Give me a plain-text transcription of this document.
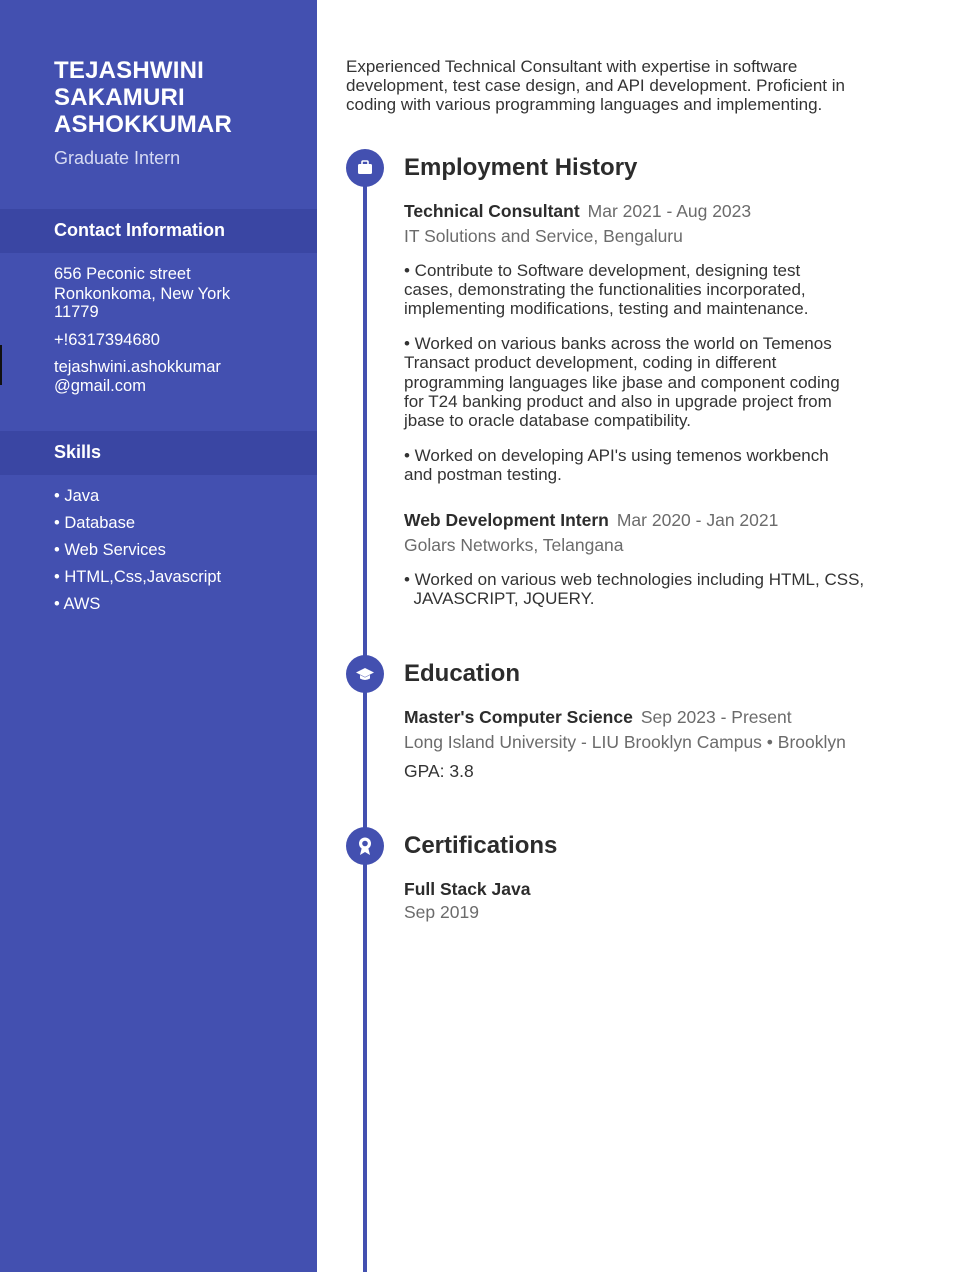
TEJASHWINI
SAKAMURI
ASHOKKUMAR
Graduate Intern
Contact Information
656 Peconic street
Ronkonkoma, New York
11779
+!6317394680
tejashwini.ashokkumar
@gmail.com
Skills
• Java
• Database
• Web Services
• HTML,Css,Javascript
• AWS
Experienced Technical Consultant with expertise in software
development, test case design, and API development. Proficient in
coding with various programming languages and implementing.
Employment History
Technical Consultant Mar 2021 - Aug 2023
IT Solutions and Service, Bengaluru
• Contribute to Software development, designing test
cases, demonstrating the functionalities incorporated,
implementing modifications, testing and maintenance.
• Worked on various banks across the world on Temenos
Transact product development, coding in different
programming languages like jbase and component coding
for T24 banking product and also in upgrade project from
jbase to oracle database compatibility.
• Worked on developing API's using temenos workbench
and postman testing.
Web Development Intern Mar 2020 - Jan 2021
Golars Networks, Telangana
• Worked on various web technologies including HTML, CSS,
JAVASCRIPT, JQUERY.
Education
Master's Computer Science Sep 2023 - Present
Long Island University - LIU Brooklyn Campus • Brooklyn
GPA: 3.8
Certifications
Full Stack Java
Sep 2019
